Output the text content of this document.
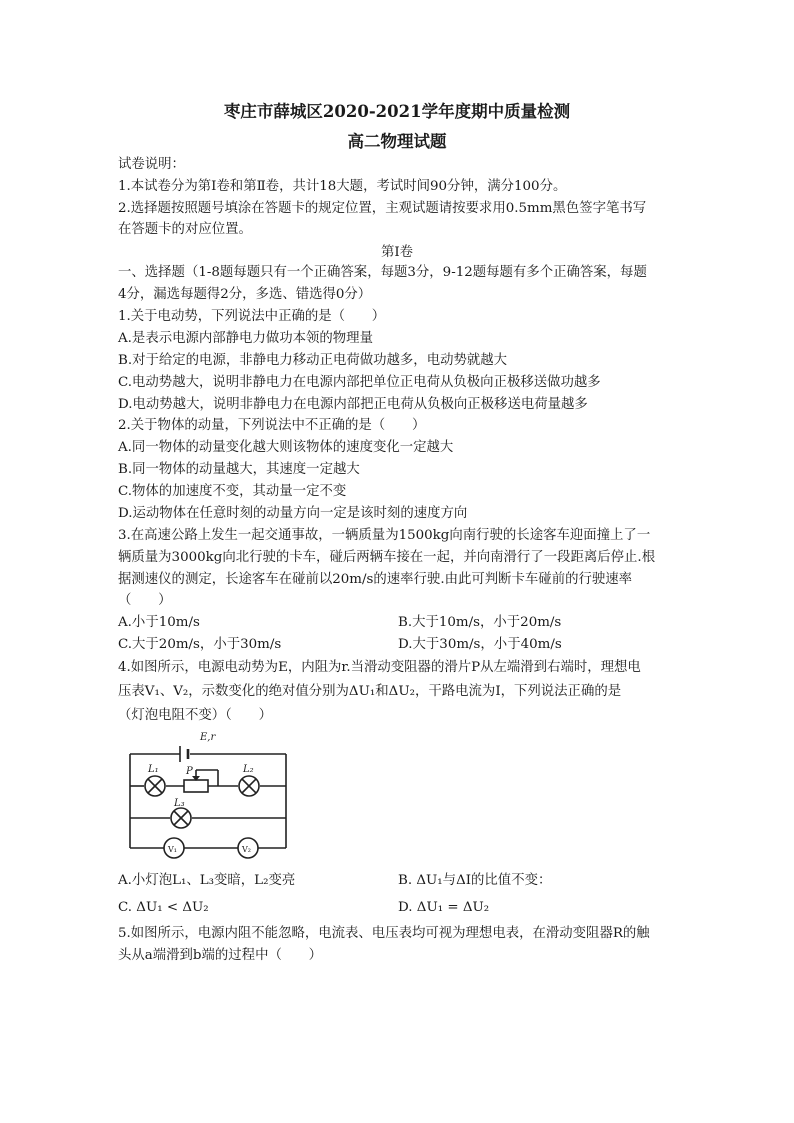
枣庄市薛城区2020-2021学年度期中质量检测
高二物理试题
试卷说明：
1.本试卷分为第Ⅰ卷和第Ⅱ卷，共计18大题，考试时间90分钟，满分100分。
2.选择题按照题号填涂在答题卡的规定位置，主观试题请按要求用0.5mm黑色签字笔书写
在答题卡的对应位置。
第Ⅰ卷
一、选择题（1-8题每题只有一个正确答案，每题3分，9-12题每题有多个正确答案，每题
4分，漏选每题得2分，多选、错选得0分）
1.关于电动势，下列说法中正确的是（　　）
A.是表示电源内部静电力做功本领的物理量
B.对于给定的电源，非静电力移动正电荷做功越多，电动势就越大
C.电动势越大，说明非静电力在电源内部把单位正电荷从负极向正极移送做功越多
D.电动势越大，说明非静电力在电源内部把正电荷从负极向正极移送电荷量越多
2.关于物体的动量，下列说法中不正确的是（　　）
A.同一物体的动量变化越大则该物体的速度变化一定越大
B.同一物体的动量越大，其速度一定越大
C.物体的加速度不变，其动量一定不变
D.运动物体在任意时刻的动量方向一定是该时刻的速度方向
3.在高速公路上发生一起交通事故，一辆质量为1500kg向南行驶的长途客车迎面撞上了一
辆质量为3000kg向北行驶的卡车，碰后两辆车接在一起，并向南滑行了一段距离后停止.根
据测速仪的测定，长途客车在碰前以20m/s的速率行驶.由此可判断卡车碰前的行驶速率
（　　）
A.小于10m/s	B.大于10m/s，小于20m/s
C.大于20m/s，小于30m/s	D.大于30m/s，小于40m/s
4.如图所示，电源电动势为E，内阻为r.当滑动变阻器的滑片P从左端滑到右端时，理想电
压表V₁、V₂，示数变化的绝对值分别为ΔU₁和ΔU₂，干路电流为I，下列说法正确的是
（灯泡电阻不变）（　　）
E,r
P
L₁	L₂
L₃
V₁	V₂
A.小灯泡L₁、L₃变暗，L₂变亮	B. ΔU₁与ΔI的比值不变：
C. ΔU₁ < ΔU₂	D. ΔU₁ = ΔU₂
5.如图所示，电源内阻不能忽略，电流表、电压表均可视为理想电表，在滑动变阻器R的触
头从a端滑到b端的过程中（　　）
